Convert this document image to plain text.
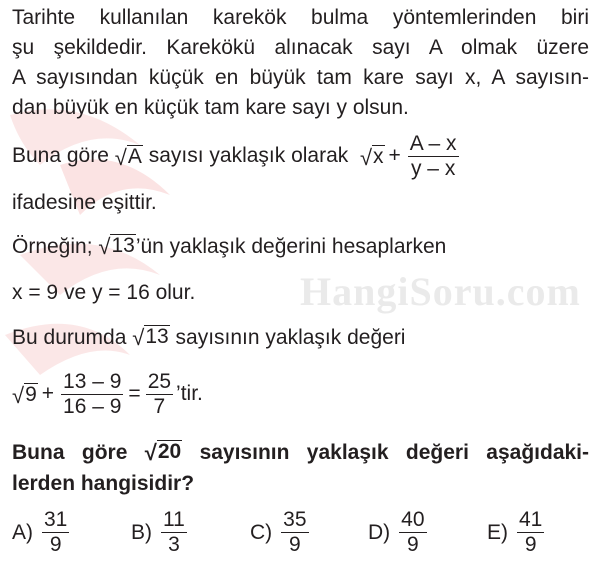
HangiSoru.com
Tarihte kullanılan karekök bulma yöntemlerinden biri
şu şekildedir. Karekökü alınacak sayı A olmak üzere
A sayısından küçük en büyük tam kare sayı x, A sayısın-
dan büyük en küçük tam kare sayı y olsun.
Buna göre
√ A
sayısı yaklaşık olarak
√ $x + \frac{A - x}{y - x}$
ifadesine eşittir.
Örneğin; √ 13 ’ün yaklaşık değerini hesaplarken
x = 9 ve y = 16 olur.
Bu durumda √ 13 sayısının yaklaşık değeri
√ $9 + \frac{13 - 9}{16 - 9} = \frac{25}{7}$ ’tir.
Buna göre √ 20 sayısının yaklaşık değeri aşağıdaki-
lerden hangisidir?
$A) \frac{31}{9}$	$B) \frac{11}{3}$	$C) \frac{35}{9}$	$D) \frac{40}{9}$	$E) \frac{41}{9}$
